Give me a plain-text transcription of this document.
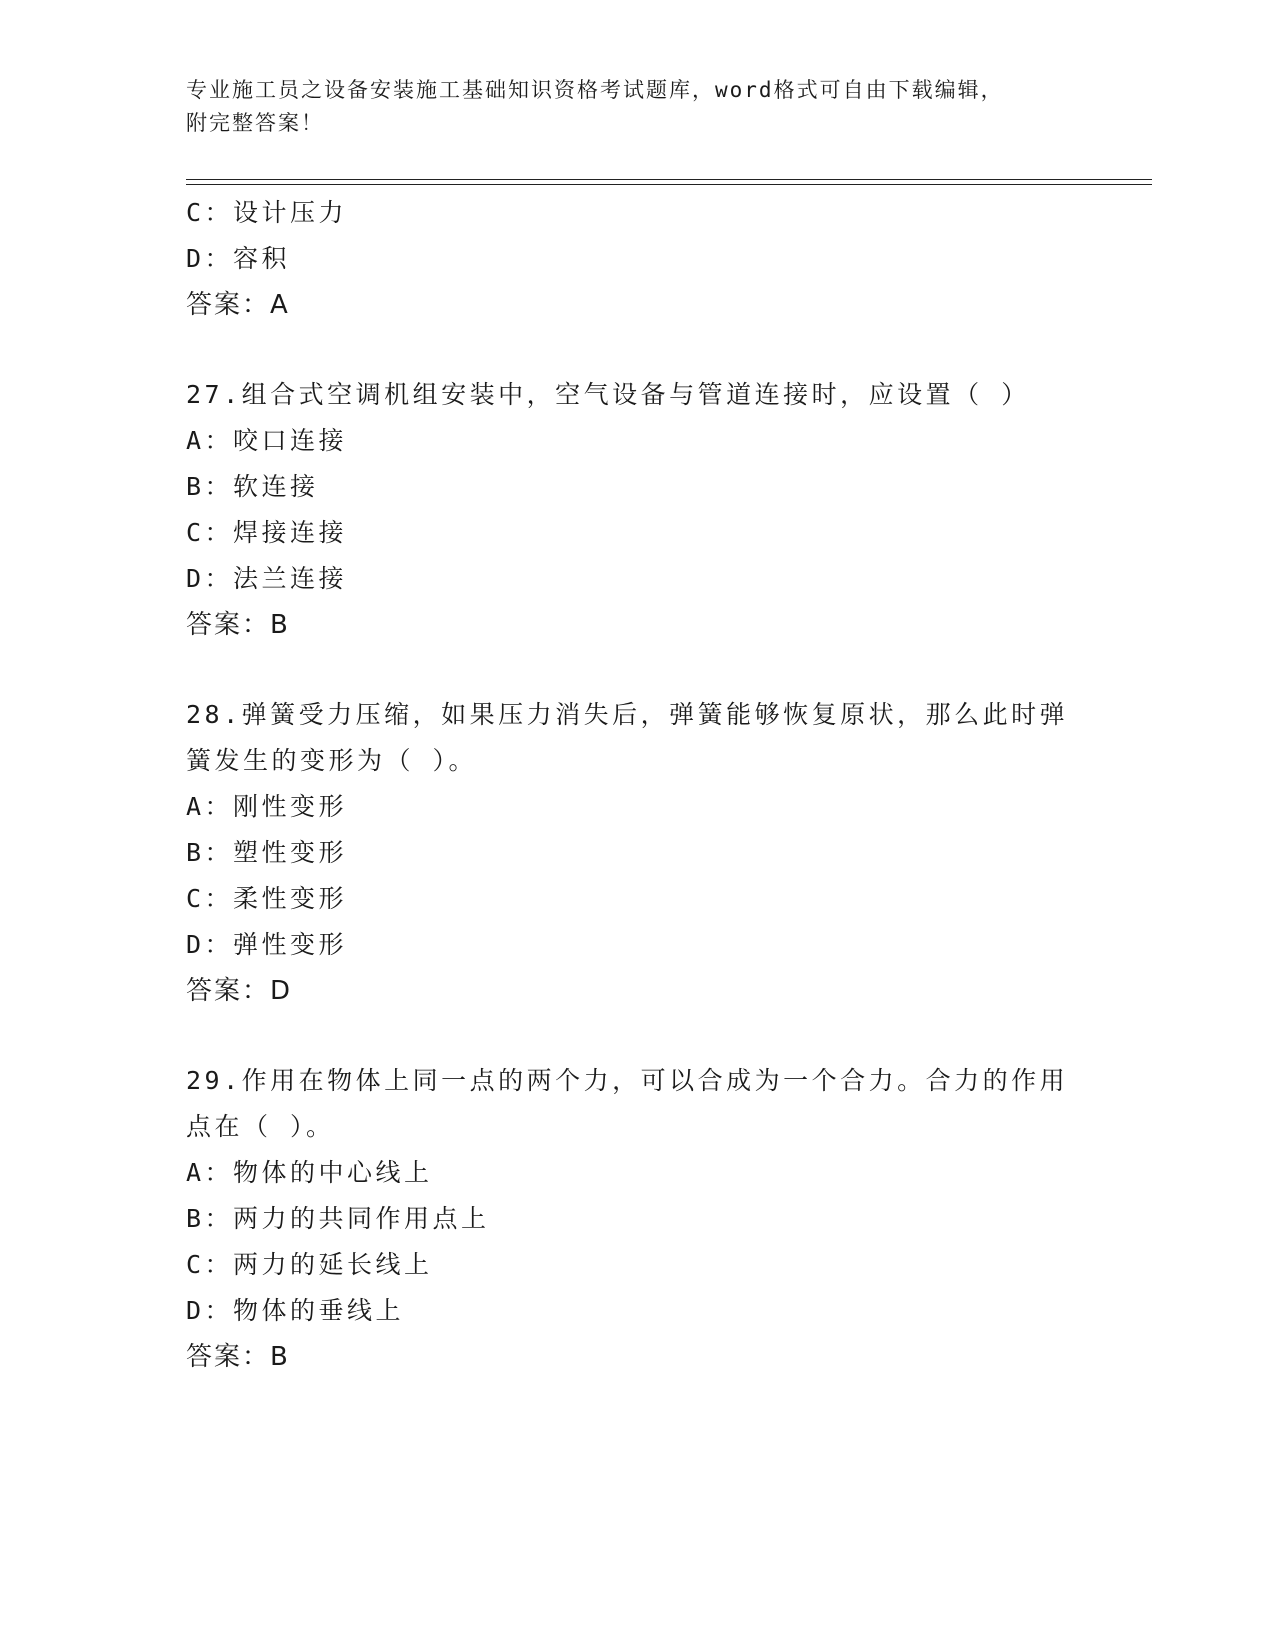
专业施工员之设备安装施工基础知识资格考试题库，word格式可自由下载编辑，
附完整答案！
C：设计压力
D：容积
答案：A
27.组合式空调机组安装中，空气设备与管道连接时，应设置（ ）
A：咬口连接
B：软连接
C：焊接连接
D：法兰连接
答案：B
28.弹簧受力压缩，如果压力消失后，弹簧能够恢复原状，那么此时弹
簧发生的变形为（ ）。
A：刚性变形
B：塑性变形
C：柔性变形
D：弹性变形
答案：D
29.作用在物体上同一点的两个力，可以合成为一个合力。合力的作用
点在（ ）。
A：物体的中心线上
B：两力的共同作用点上
C：两力的延长线上
D：物体的垂线上
答案：B
